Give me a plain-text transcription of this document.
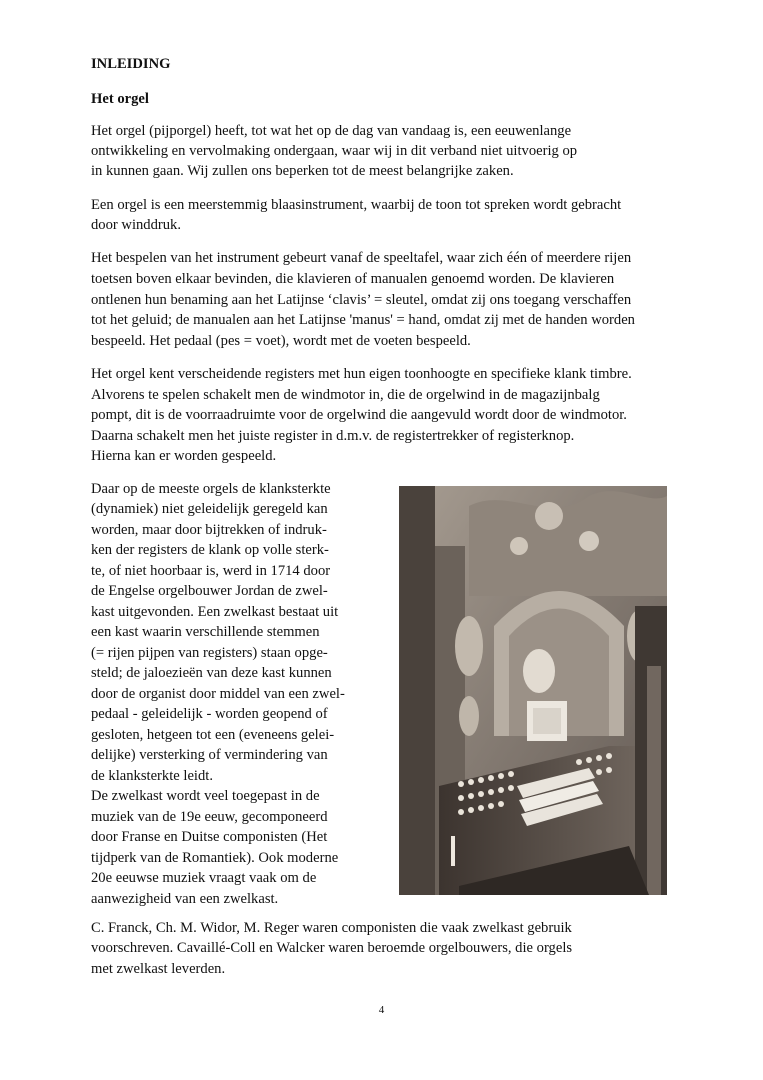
INLEIDING
Het orgel
Het orgel (pijporgel) heeft, tot wat het op de dag van vandaag is, een eeuwenlange
ontwikkeling en vervolmaking ondergaan, waar wij in dit verband niet uitvoerig op
in kunnen gaan. Wij zullen ons beperken tot de meest belangrijke zaken.
Een orgel is een meerstemmig blaasinstrument, waarbij de toon tot spreken wordt gebracht
door winddruk.
Het bespelen van het instrument gebeurt vanaf de speeltafel, waar zich één of meerdere rijen
toetsen boven elkaar bevinden, die klavieren of manualen genoemd worden. De klavieren
ontlenen hun benaming aan het Latijnse ‘clavis’ = sleutel, omdat zij ons toegang verschaffen
tot het geluid; de manualen aan het Latijnse 'manus' = hand, omdat zij met de handen worden
bespeeld. Het pedaal (pes = voet), wordt met de voeten bespeeld.
Het orgel kent verscheidende registers met hun eigen toonhoogte en specifieke klank timbre.
Alvorens te spelen schakelt men de windmotor in, die de orgelwind in de magazijnbalg
pompt, dit is de voorraadruimte voor de orgelwind die aangevuld wordt door de windmotor.
Daarna schakelt men het juiste register in d.m.v. de registertrekker of registerknop.
Hierna kan er worden gespeeld.
Daar op de meeste orgels de klanksterkte
(dynamiek) niet geleidelijk geregeld kan
worden, maar door bijtrekken of indruk-
ken der registers de klank op volle sterk-
te, of niet hoorbaar is, werd in 1714 door
de Engelse orgelbouwer Jordan de zwel-
kast uitgevonden. Een zwelkast bestaat uit
een kast waarin verschillende stemmen
(= rijen pijpen van registers) staan opge-
steld; de jaloezieën van deze kast kunnen
door de organist door middel van een zwel-
pedaal - geleidelijk - worden geopend of
gesloten, hetgeen tot een (eveneens gelei-
delijke) versterking of vermindering van
de klanksterkte leidt.
De zwelkast wordt veel toegepast in de
muziek van de 19e eeuw, gecomponeerd
door Franse en Duitse componisten (Het
tijdperk van de Romantiek). Ook moderne
20e eeuwse muziek vraagt vaak om de
aanwezigheid van een zwelkast.
C. Franck, Ch. M. Widor, M. Reger waren componisten die vaak zwelkast gebruik
voorschreven. Cavaillé-Coll en Walcker waren beroemde orgelbouwers, die orgels
met zwelkast leverden.
4
